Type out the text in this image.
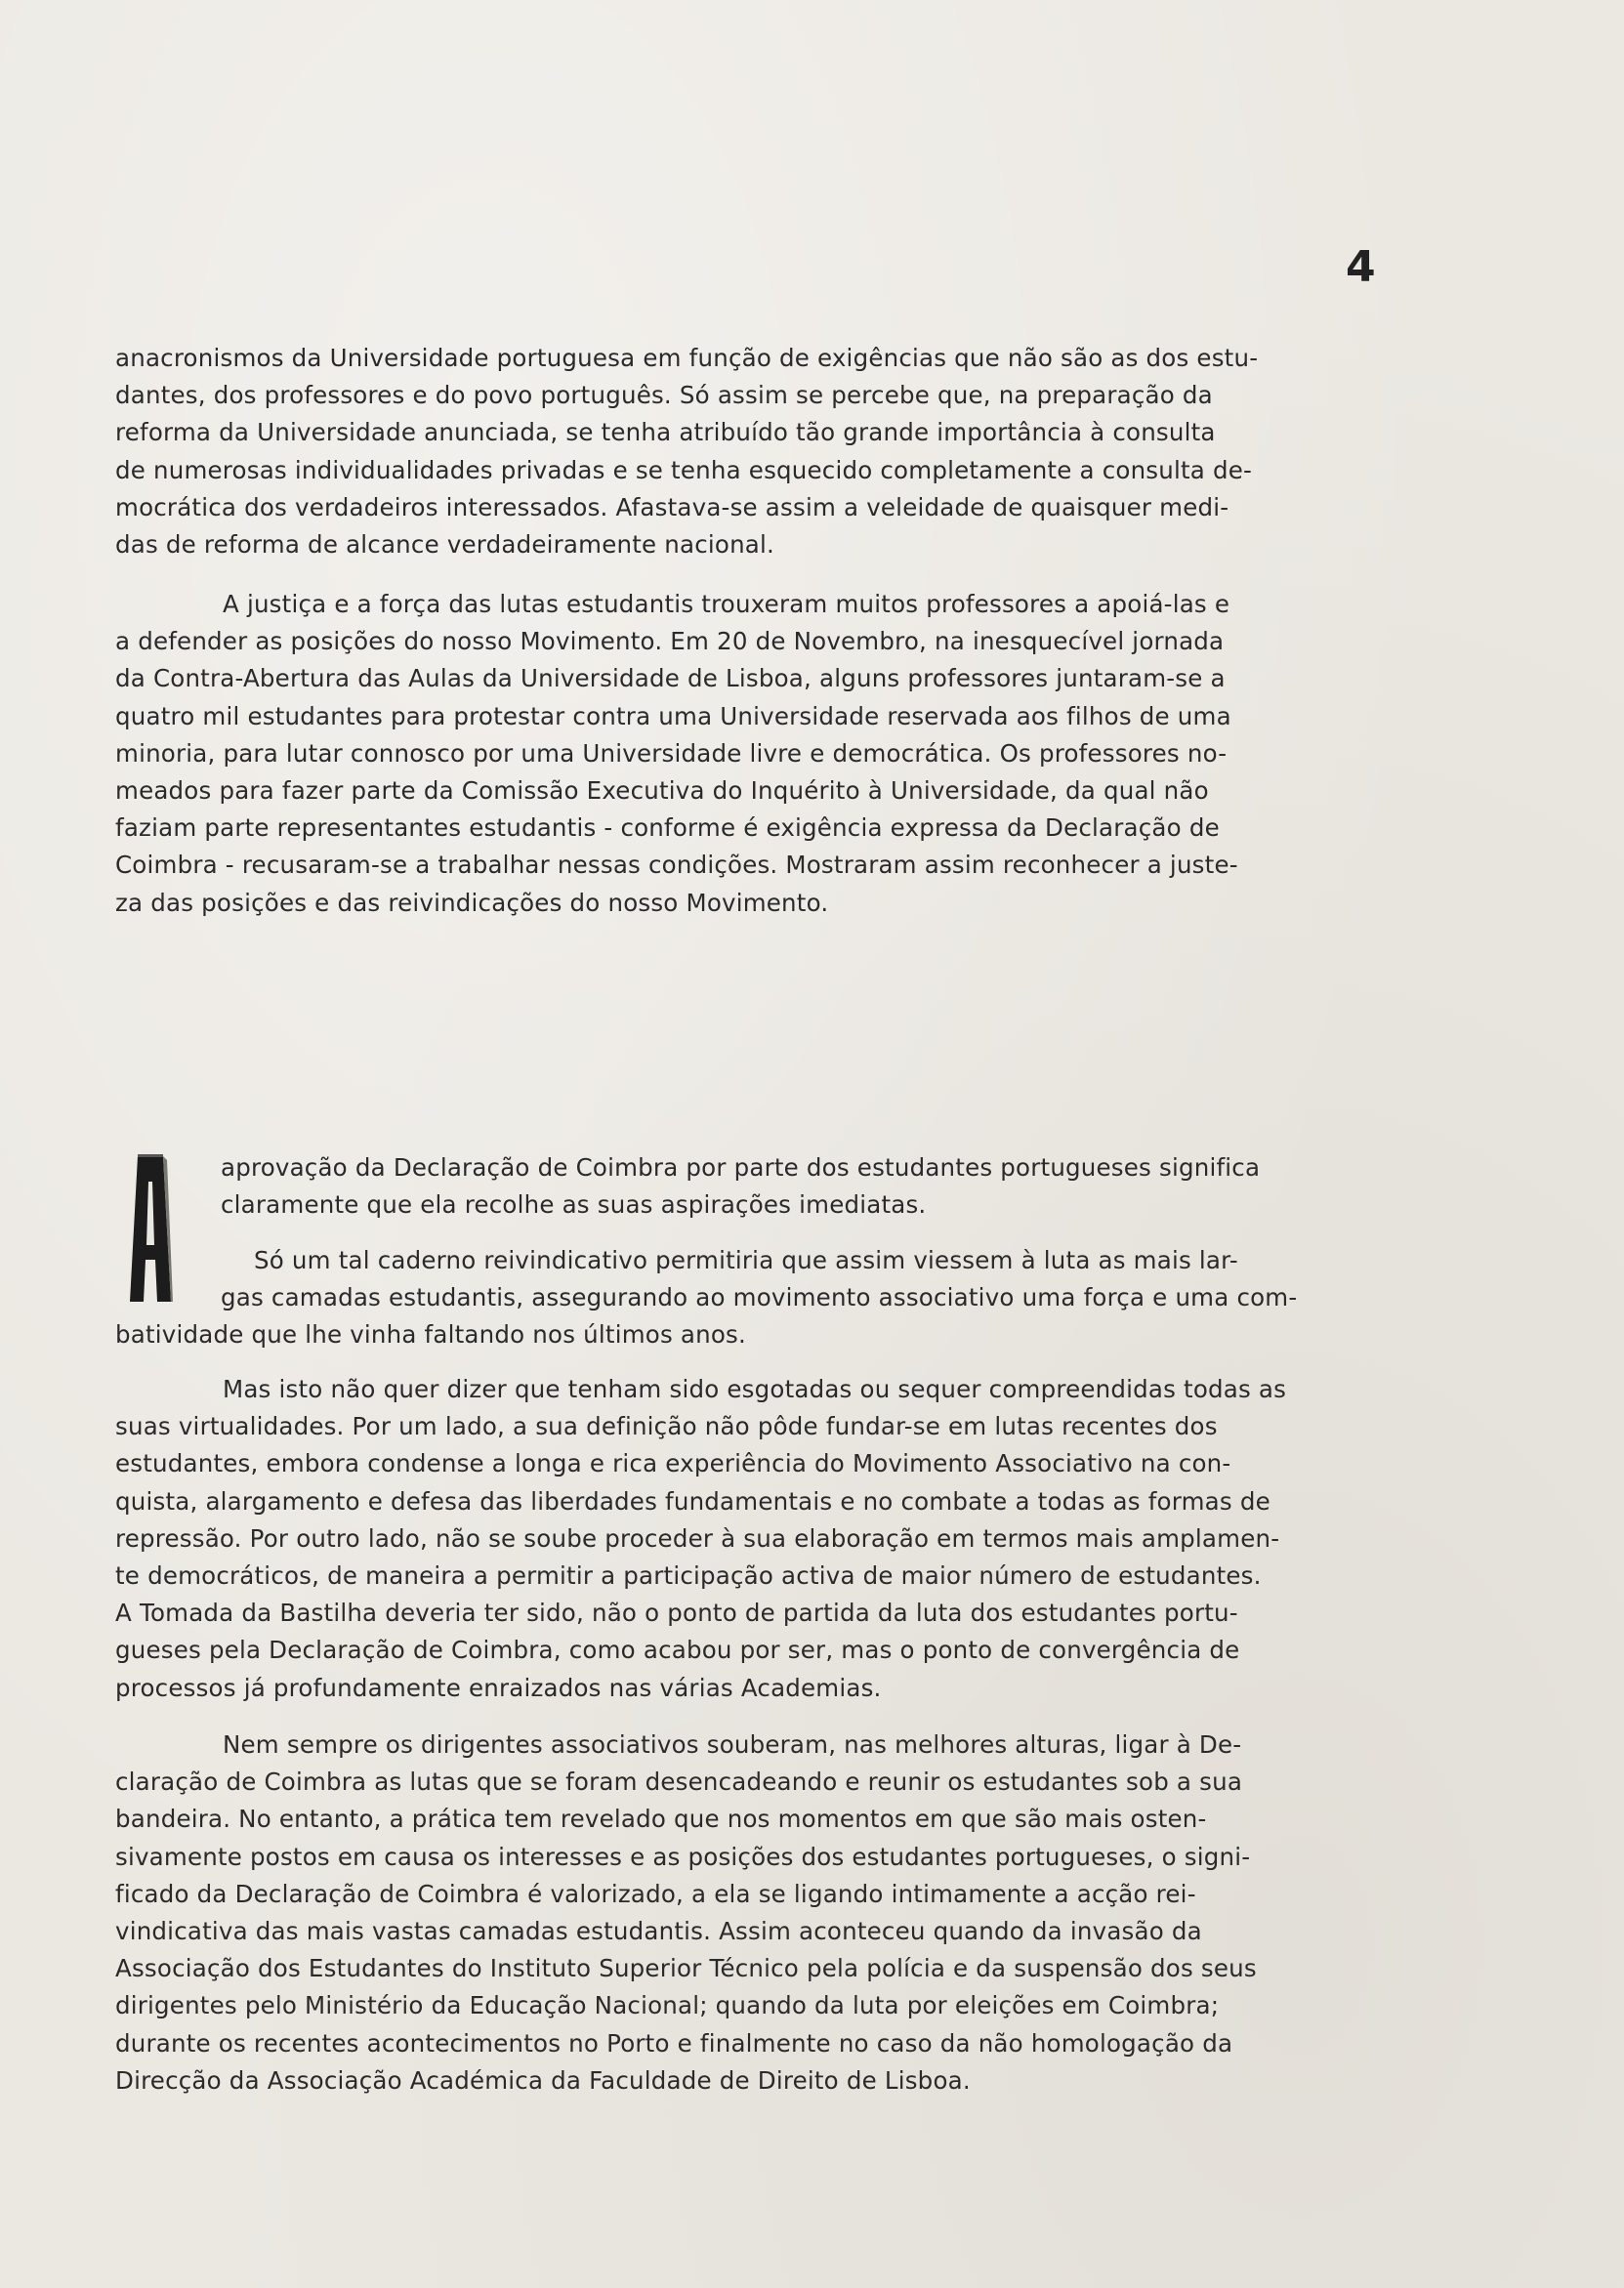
4
anacronismos da Universidade portuguesa em função de exigências que não são as dos estu-
dantes, dos professores e do povo português. Só assim se percebe que, na preparação da
reforma da Universidade anunciada, se tenha atribuído tão grande importância à consulta
de numerosas individualidades privadas e se tenha esquecido completamente a consulta de-
mocrática dos verdadeiros interessados. Afastava-se assim a veleidade de quaisquer medi-
das de reforma de alcance verdadeiramente nacional.
A justiça e a força das lutas estudantis trouxeram muitos professores a apoiá-las e
a defender as posições do nosso Movimento. Em 20 de Novembro, na inesquecível jornada
da Contra-Abertura das Aulas da Universidade de Lisboa, alguns professores juntaram-se a
quatro mil estudantes para protestar contra uma Universidade reservada aos filhos de uma
minoria, para lutar connosco por uma Universidade livre e democrática. Os professores no-
meados para fazer parte da Comissão Executiva do Inquérito à Universidade, da qual não
faziam parte representantes estudantis - conforme é exigência expressa da Declaração de
Coimbra - recusaram-se a trabalhar nessas condições. Mostraram assim reconhecer a juste-
za das posições e das reivindicações do nosso Movimento.
aprovação da Declaração de Coimbra por parte dos estudantes portugueses significa
claramente que ela recolhe as suas aspirações imediatas.
Só um tal caderno reivindicativo permitiria que assim viessem à luta as mais lar-
gas camadas estudantis, assegurando ao movimento associativo uma força e uma com-
batividade que lhe vinha faltando nos últimos anos.
Mas isto não quer dizer que tenham sido esgotadas ou sequer compreendidas todas as
suas virtualidades. Por um lado, a sua definição não pôde fundar-se em lutas recentes dos
estudantes, embora condense a longa e rica experiência do Movimento Associativo na con-
quista, alargamento e defesa das liberdades fundamentais e no combate a todas as formas de
repressão. Por outro lado, não se soube proceder à sua elaboração em termos mais amplamen-
te democráticos, de maneira a permitir a participação activa de maior número de estudantes.
A Tomada da Bastilha deveria ter sido, não o ponto de partida da luta dos estudantes portu-
gueses pela Declaração de Coimbra, como acabou por ser, mas o ponto de convergência de
processos já profundamente enraizados nas várias Academias.
Nem sempre os dirigentes associativos souberam, nas melhores alturas, ligar à De-
claração de Coimbra as lutas que se foram desencadeando e reunir os estudantes sob a sua
bandeira. No entanto, a prática tem revelado que nos momentos em que são mais osten-
sivamente postos em causa os interesses e as posições dos estudantes portugueses, o signi-
ficado da Declaração de Coimbra é valorizado, a ela se ligando intimamente a acção rei-
vindicativa das mais vastas camadas estudantis. Assim aconteceu quando da invasão da
Associação dos Estudantes do Instituto Superior Técnico pela polícia e da suspensão dos seus
dirigentes pelo Ministério da Educação Nacional; quando da luta por eleições em Coimbra;
durante os recentes acontecimentos no Porto e finalmente no caso da não homologação da
Direcção da Associação Académica da Faculdade de Direito de Lisboa.
